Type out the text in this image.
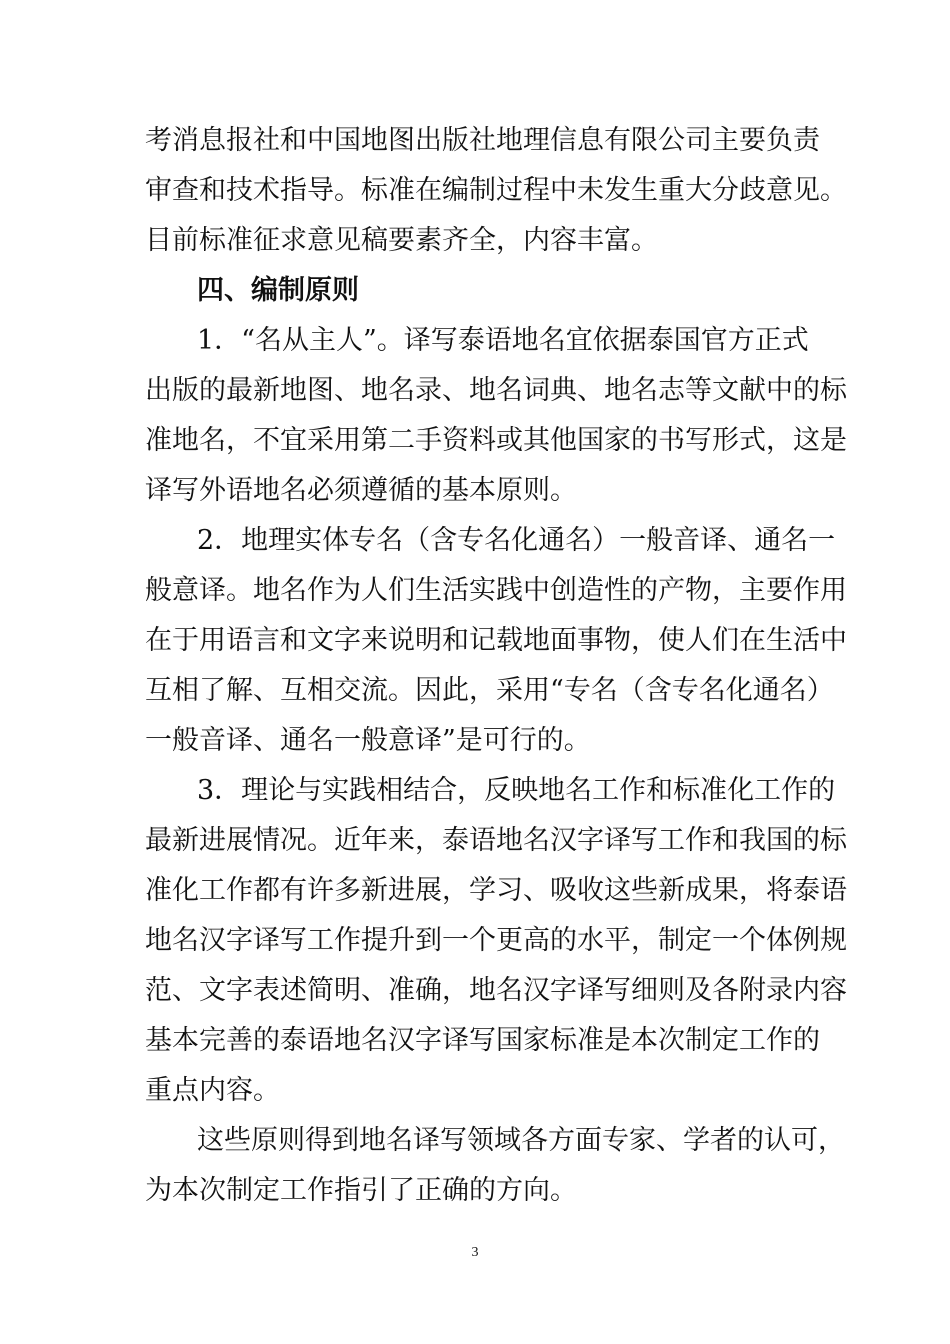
考消息报社和中国地图出版社地理信息有限公司主要负责
审查和技术指导。标准在编制过程中未发生重大分歧意见。
目前标准征求意见稿要素齐全，内容丰富。
四、编制原则
1．“名从主人”。译写泰语地名宜依据泰国官方正式
出版的最新地图、地名录、地名词典、地名志等文献中的标
准地名，不宜采用第二手资料或其他国家的书写形式，这是
译写外语地名必须遵循的基本原则。
2．地理实体专名（含专名化通名）一般音译、通名一
般意译。地名作为人们生活实践中创造性的产物，主要作用
在于用语言和文字来说明和记载地面事物，使人们在生活中
互相了解、互相交流。因此，采用“专名（含专名化通名）
一般音译、通名一般意译”是可行的。
3．理论与实践相结合，反映地名工作和标准化工作的
最新进展情况。近年来，泰语地名汉字译写工作和我国的标
准化工作都有许多新进展，学习、吸收这些新成果，将泰语
地名汉字译写工作提升到一个更高的水平，制定一个体例规
范、文字表述简明、准确，地名汉字译写细则及各附录内容
基本完善的泰语地名汉字译写国家标准是本次制定工作的
重点内容。
这些原则得到地名译写领域各方面专家、学者的认可，
为本次制定工作指引了正确的方向。
3
